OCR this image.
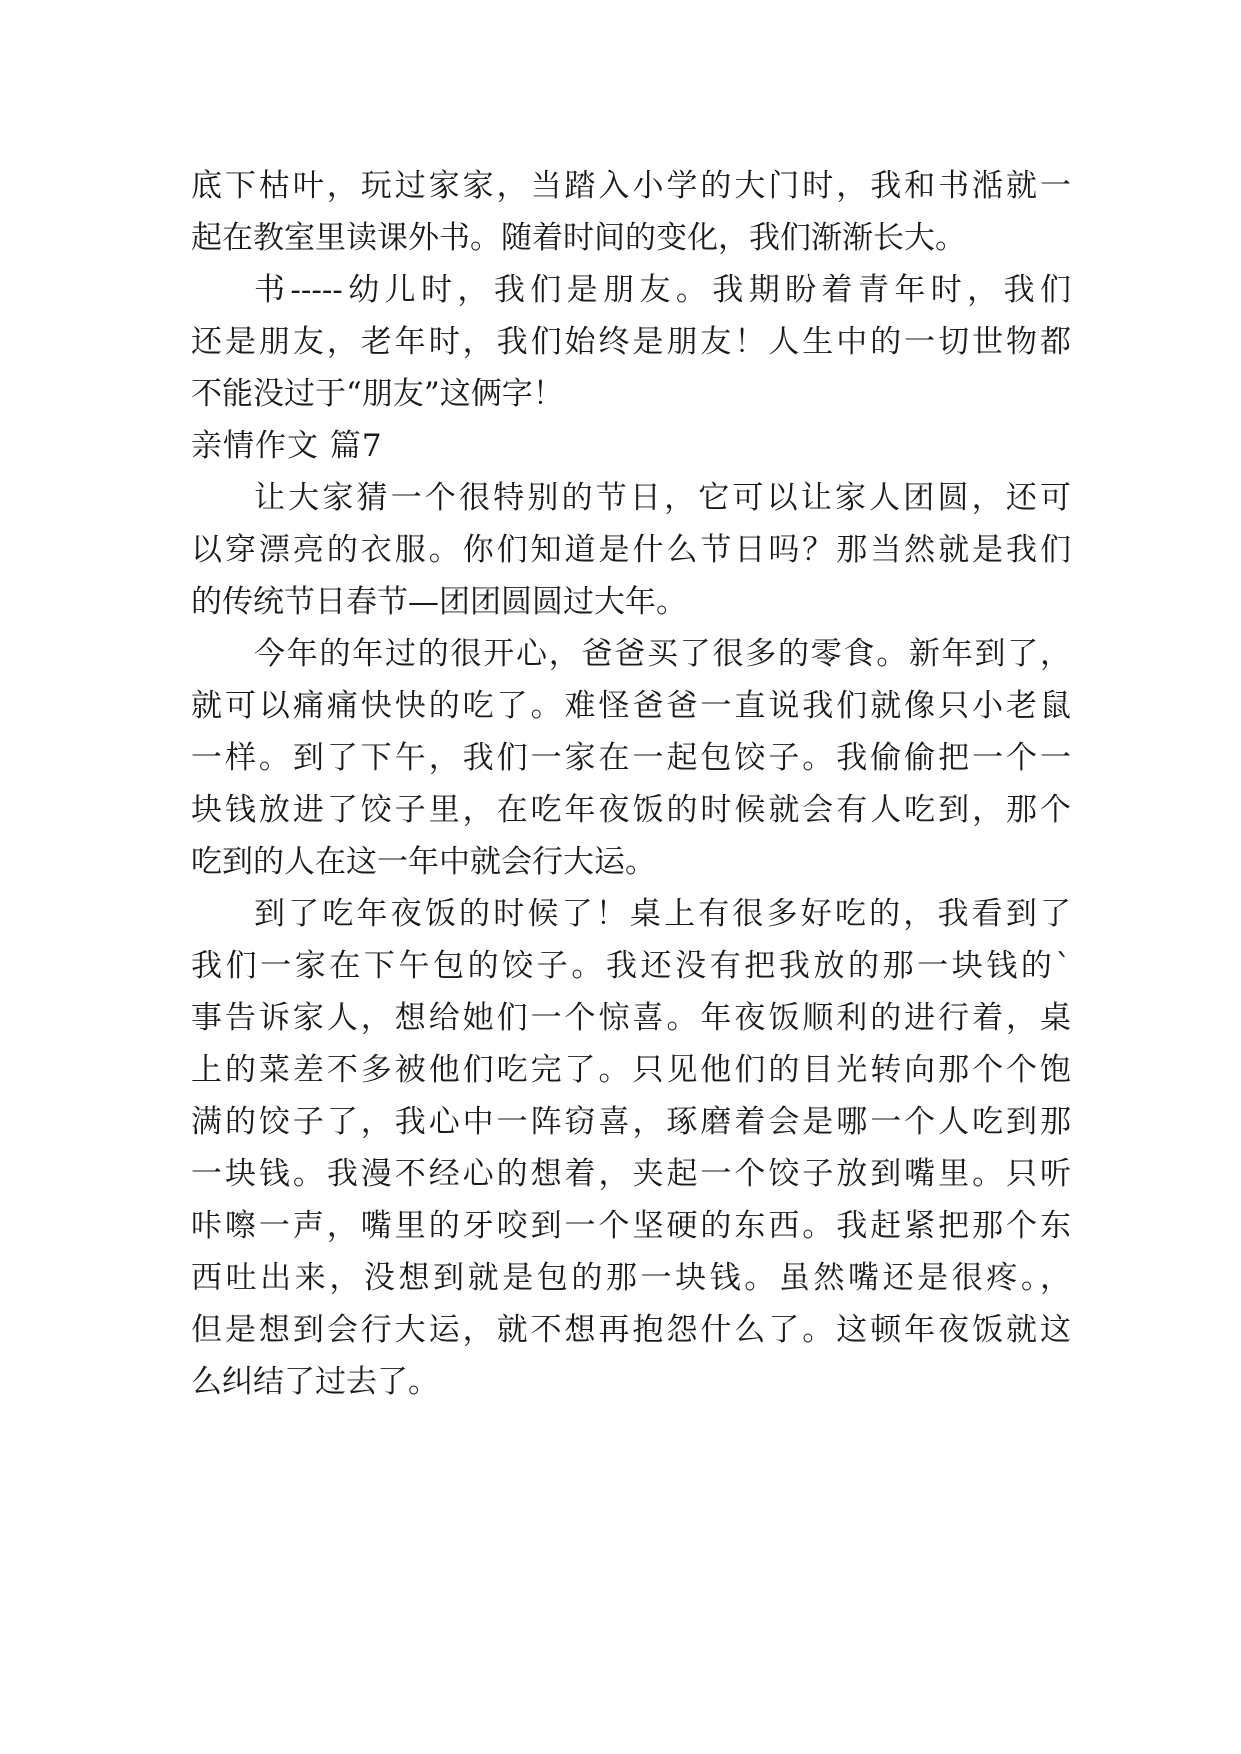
底下枯叶，玩过家家，当踏入小学的大门时，我和书湉就一
起在教室里读课外书。随着时间的变化，我们渐渐长大。
书-----幼儿时，我们是朋友。我期盼着青年时，我们
还是朋友，老年时，我们始终是朋友！人生中的一切世物都
不能没过于“朋友”这俩字！
亲情作文 篇7
让大家猜一个很特别的节日，它可以让家人团圆，还可
以穿漂亮的衣服。你们知道是什么节日吗？那当然就是我们
的传统节日春节—团团圆圆过大年。
今年的年过的很开心，爸爸买了很多的零食。新年到了，
就可以痛痛快快的吃了。难怪爸爸一直说我们就像只小老鼠
一样。到了下午，我们一家在一起包饺子。我偷偷把一个一
块钱放进了饺子里，在吃年夜饭的时候就会有人吃到，那个
吃到的人在这一年中就会行大运。
到了吃年夜饭的时候了！桌上有很多好吃的，我看到了
我们一家在下午包的饺子。我还没有把我放的那一块钱的`
事告诉家人，想给她们一个惊喜。年夜饭顺利的进行着，桌
上的菜差不多被他们吃完了。只见他们的目光转向那个个饱
满的饺子了，我心中一阵窃喜，琢磨着会是哪一个人吃到那
一块钱。我漫不经心的想着，夹起一个饺子放到嘴里。只听
咔嚓一声，嘴里的牙咬到一个坚硬的东西。我赶紧把那个东
西吐出来，没想到就是包的那一块钱。虽然嘴还是很疼。，
但是想到会行大运，就不想再抱怨什么了。这顿年夜饭就这
么纠结了过去了。
